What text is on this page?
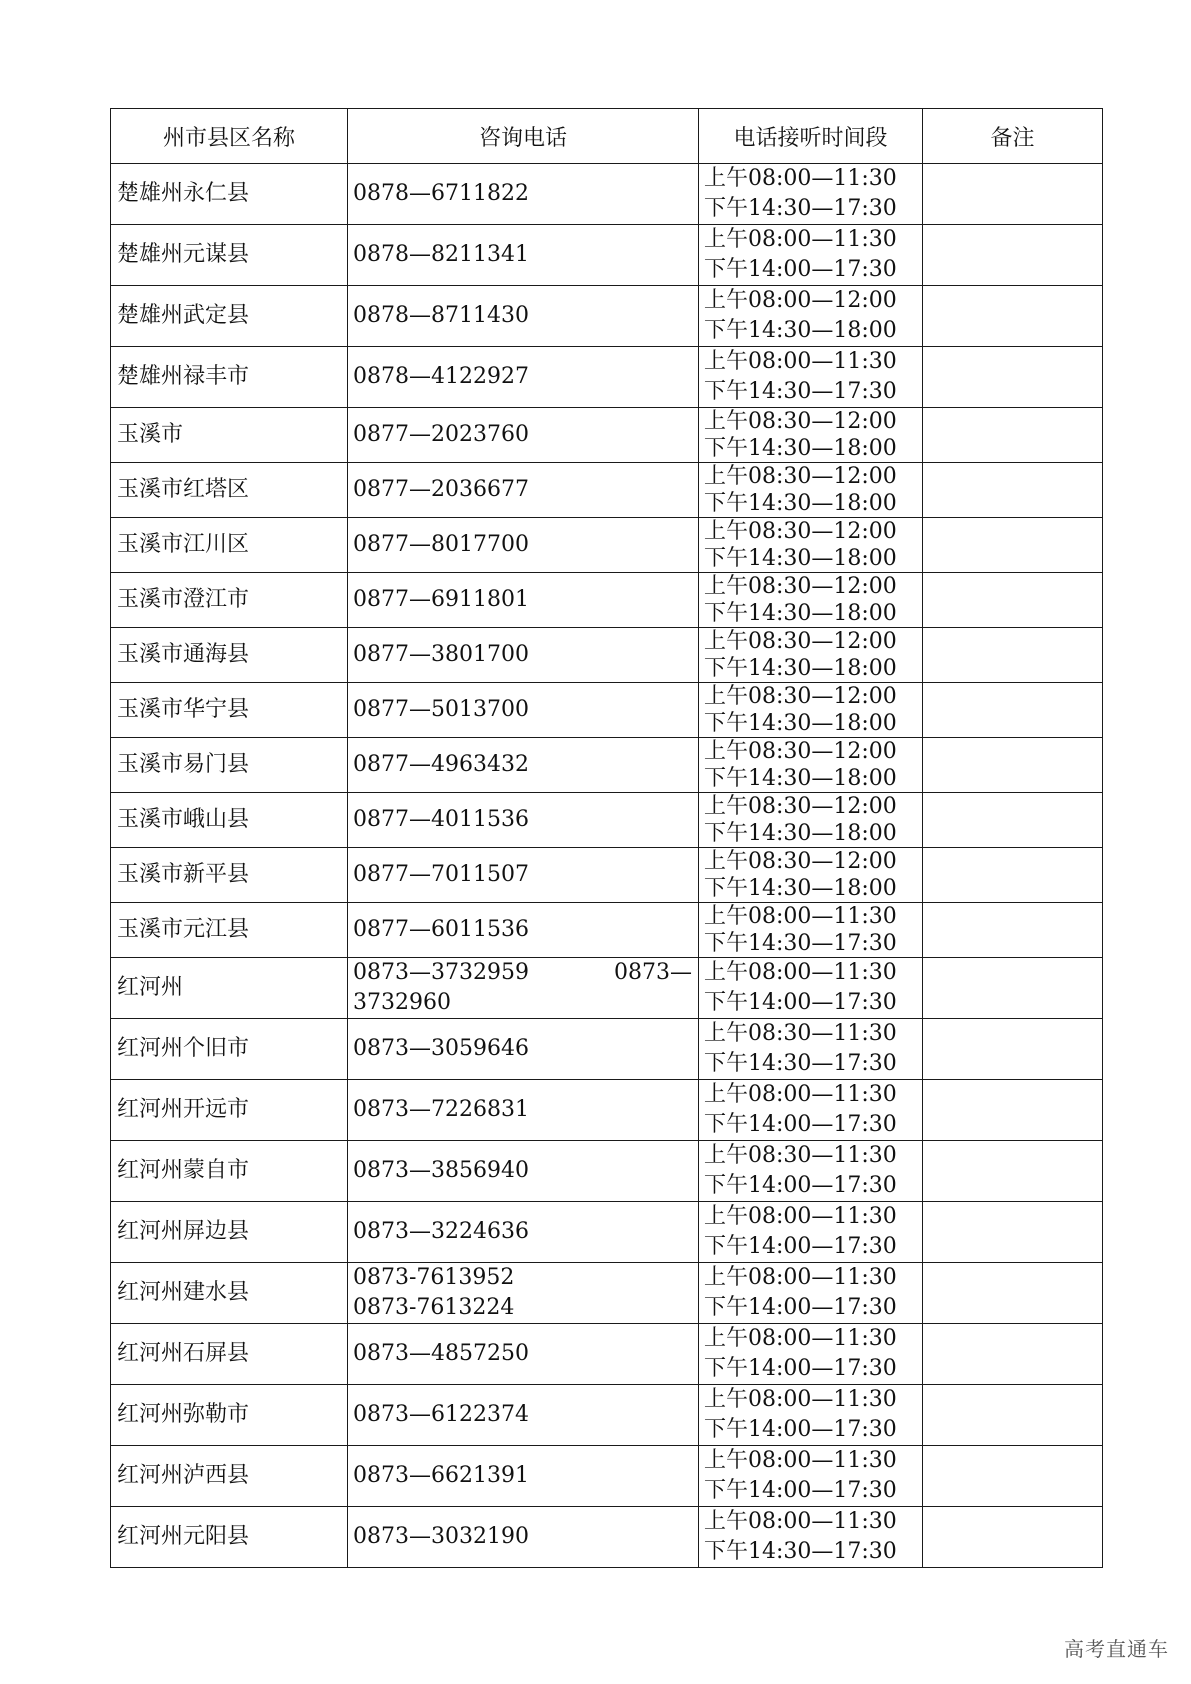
州市县区名称	咨询电话	电话接听时间段	备注
楚雄州永仁县	0878—6711822	上午08:00—11:30
下午14:30—17:30	

楚雄州元谋县	0878—8211341	上午08:00—11:30
下午14:00—17:30	

楚雄州武定县	0878—8711430	上午08:00—12:00
下午14:30—18:00	

楚雄州禄丰市	0878—4122927	上午08:00—11:30
下午14:30—17:30	

玉溪市	0877—2023760	上午08:30—12:00
下午14:30—18:00	

玉溪市红塔区	0877—2036677	上午08:30—12:00
下午14:30—18:00	

玉溪市江川区	0877—8017700	上午08:30—12:00
下午14:30—18:00	

玉溪市澄江市	0877—6911801	上午08:30—12:00
下午14:30—18:00	

玉溪市通海县	0877—3801700	上午08:30—12:00
下午14:30—18:00	

玉溪市华宁县	0877—5013700	上午08:30—12:00
下午14:30—18:00	

玉溪市易门县	0877—4963432	上午08:30—12:00
下午14:30—18:00	

玉溪市峨山县	0877—4011536	上午08:30—12:00
下午14:30—18:00	

玉溪市新平县	0877—7011507	上午08:30—12:00
下午14:30—18:00	

玉溪市元江县	0877—6011536	上午08:00—11:30
下午14:30—17:30	

红河州	0873—3732959 0873—
3732960	上午08:00—11:30
下午14:00—17:30	

红河州个旧市	0873—3059646	上午08:30—11:30
下午14:30—17:30	

红河州开远市	0873—7226831	上午08:00—11:30
下午14:00—17:30	

红河州蒙自市	0873—3856940	上午08:30—11:30
下午14:00—17:30	

红河州屏边县	0873—3224636	上午08:00—11:30
下午14:00—17:30	

红河州建水县	0873-7613952
0873-7613224	上午08:00—11:30
下午14:00—17:30	

红河州石屏县	0873—4857250	上午08:00—11:30
下午14:00—17:30	

红河州弥勒市	0873—6122374	上午08:00—11:30
下午14:00—17:30	

红河州泸西县	0873—6621391	上午08:00—11:30
下午14:00—17:30	

红河州元阳县	0873—3032190	上午08:00—11:30
下午14:30—17:30	

高考直通车
